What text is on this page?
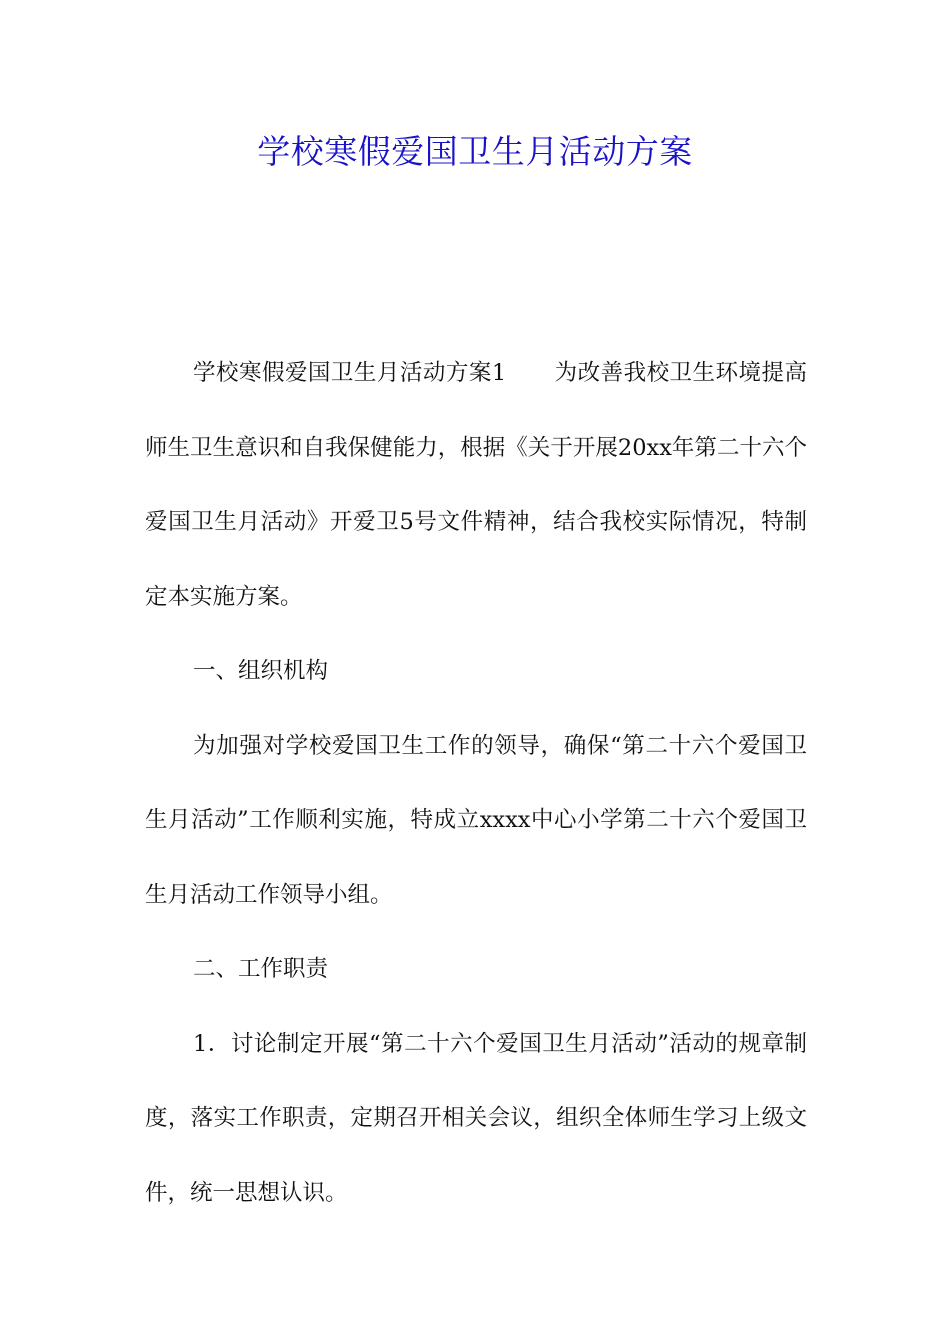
学校寒假爱国卫生月活动方案

学校寒假爱国卫生月活动方案1 为改善我校卫生环境提高师生卫生意识和自我保健能力，根据《关于开展20xx年第二十六个爱国卫生月活动》开爱卫5号文件精神，结合我校实际情况，特制定本实施方案。

一、组织机构

为加强对学校爱国卫生工作的领导，确保“第二十六个爱国卫生月活动”工作顺利实施，特成立xxxx中心小学第二十六个爱国卫生月活动工作领导小组。

二、工作职责

1．讨论制定开展“第二十六个爱国卫生月活动”活动的规章制度，落实工作职责，定期召开相关会议，组织全体师生学习上级文件，统一思想认识。
